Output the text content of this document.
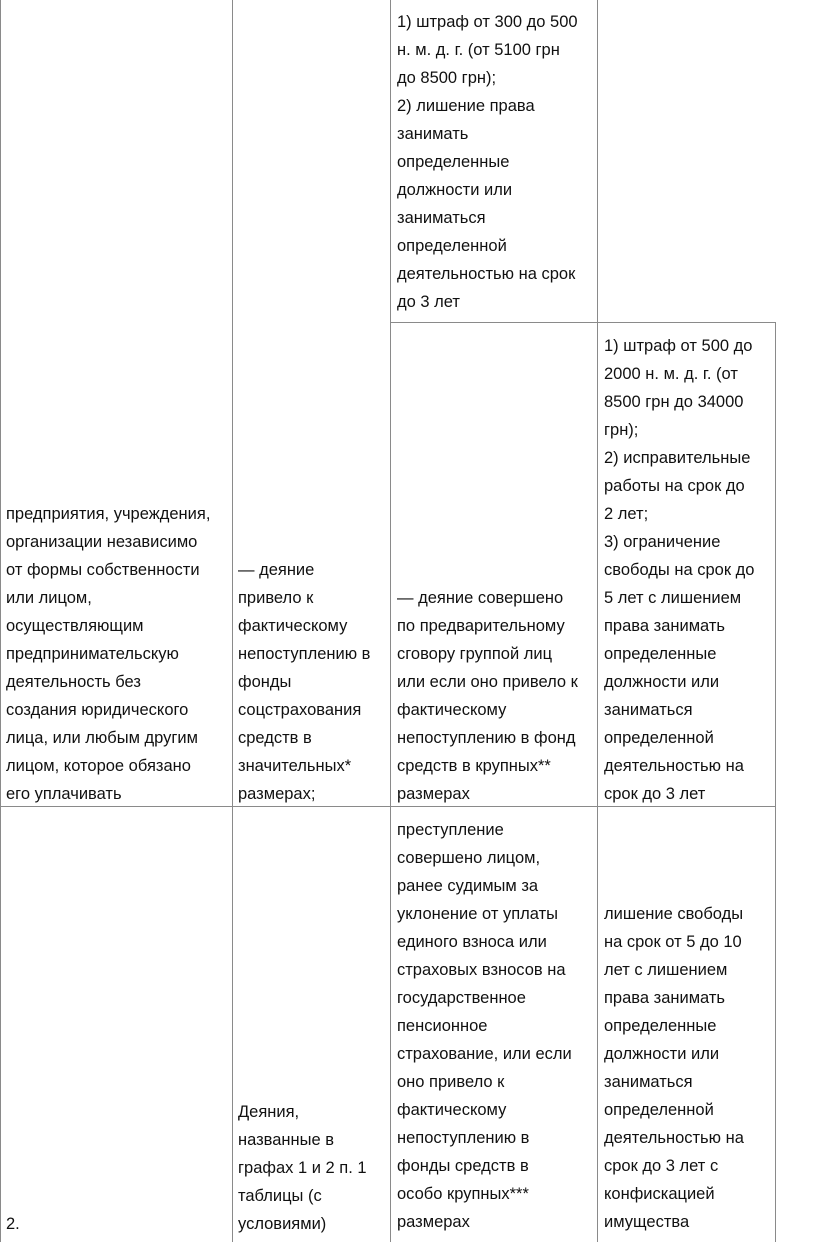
1) штраф от 300 до 500
н. м. д. г. (от 5100 грн
до 8500 грн);
2) лишение права
занимать
определенные
должности или
заниматься
определенной
деятельностью на срок
до 3 лет
предприятия, учреждения,
организации независимо
от формы собственности
или лицом,
осуществляющим
предпринимательскую
деятельность без
создания юридического
лица, или любым другим
лицом, которое обязано
его уплачивать
— деяние
привело к
фактическому
непоступлению в
фонды
соцстрахования
средств в
значительных*
размерах;
— деяние совершено
по предварительному
сговору группой лиц
или если оно привело к
фактическому
непоступлению в фонд
средств в крупных**
размерах
1) штраф от 500 до
2000 н. м. д. г. (от
8500 грн до 34000
грн);
2) исправительные
работы на срок до
2 лет;
3) ограничение
свободы на срок до
5 лет с лишением
права занимать
определенные
должности или
заниматься
определенной
деятельностью на
срок до 3 лет
2.
Деяния,
названные в
графах 1 и 2 п. 1
таблицы (с
условиями)
преступление
совершено лицом,
ранее судимым за
уклонение от уплаты
единого взноса или
страховых взносов на
государственное
пенсионное
страхование, или если
оно привело к
фактическому
непоступлению в
фонды средств в
особо крупных***
размерах
лишение свободы
на срок от 5 до 10
лет с лишением
права занимать
определенные
должности или
заниматься
определенной
деятельностью на
срок до 3 лет с
конфискацией
имущества
